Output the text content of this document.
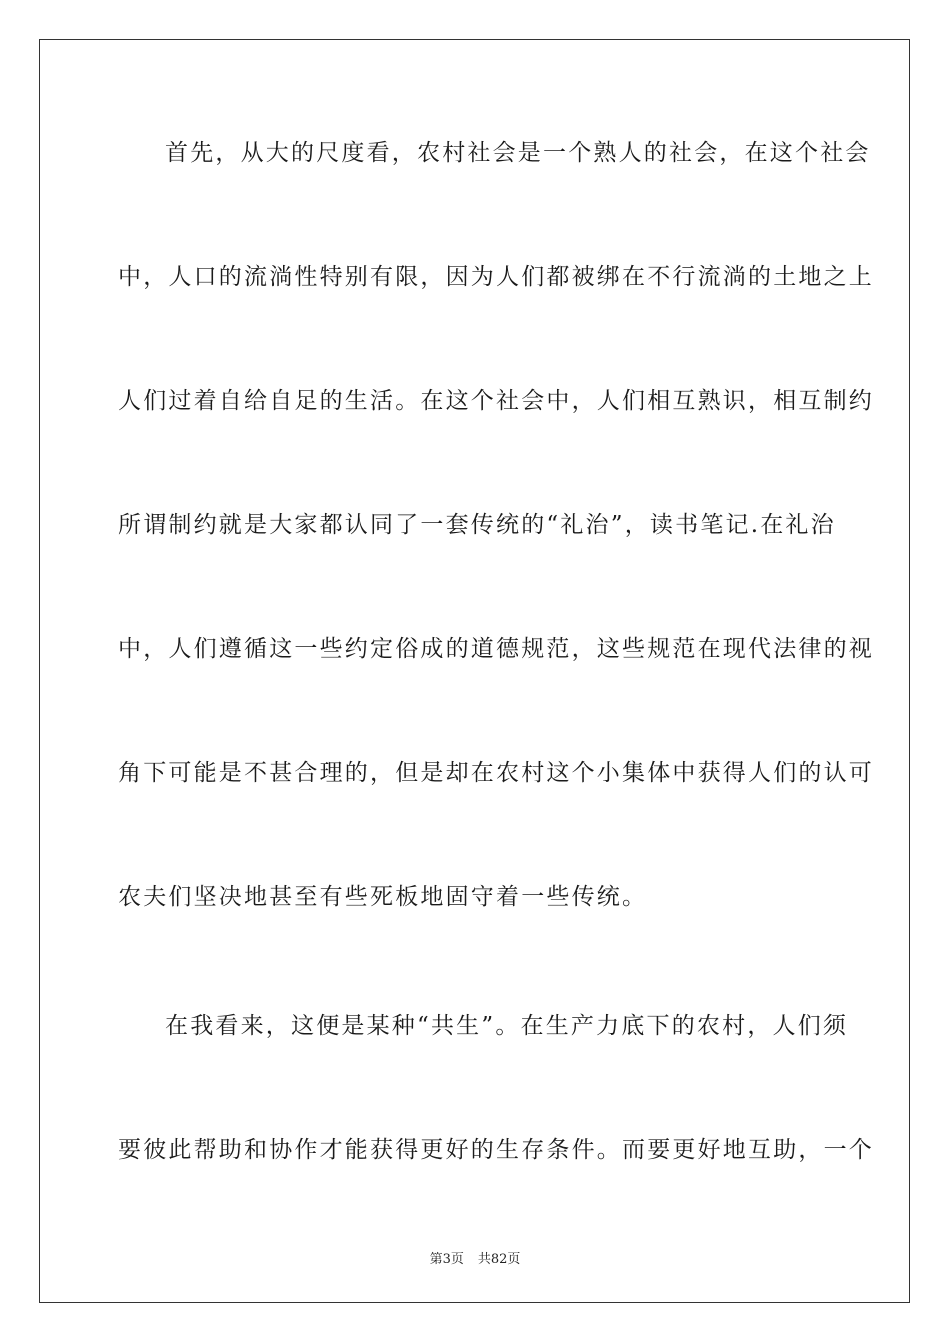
首先，从大的尺度看，农村社会是一个熟人的社会，在这个社会
中，人口的流淌性特别有限，因为人们都被绑在不行流淌的土地之上
人们过着自给自足的生活。在这个社会中，人们相互熟识，相互制约
所谓制约就是大家都认同了一套传统的“礼治”，读书笔记.在礼治
中，人们遵循这一些约定俗成的道德规范，这些规范在现代法律的视
角下可能是不甚合理的，但是却在农村这个小集体中获得人们的认可
农夫们坚决地甚至有些死板地固守着一些传统。
在我看来，这便是某种“共生”。在生产力底下的农村，人们须
要彼此帮助和协作才能获得更好的生存条件。而要更好地互助，一个
第3页 共82页
